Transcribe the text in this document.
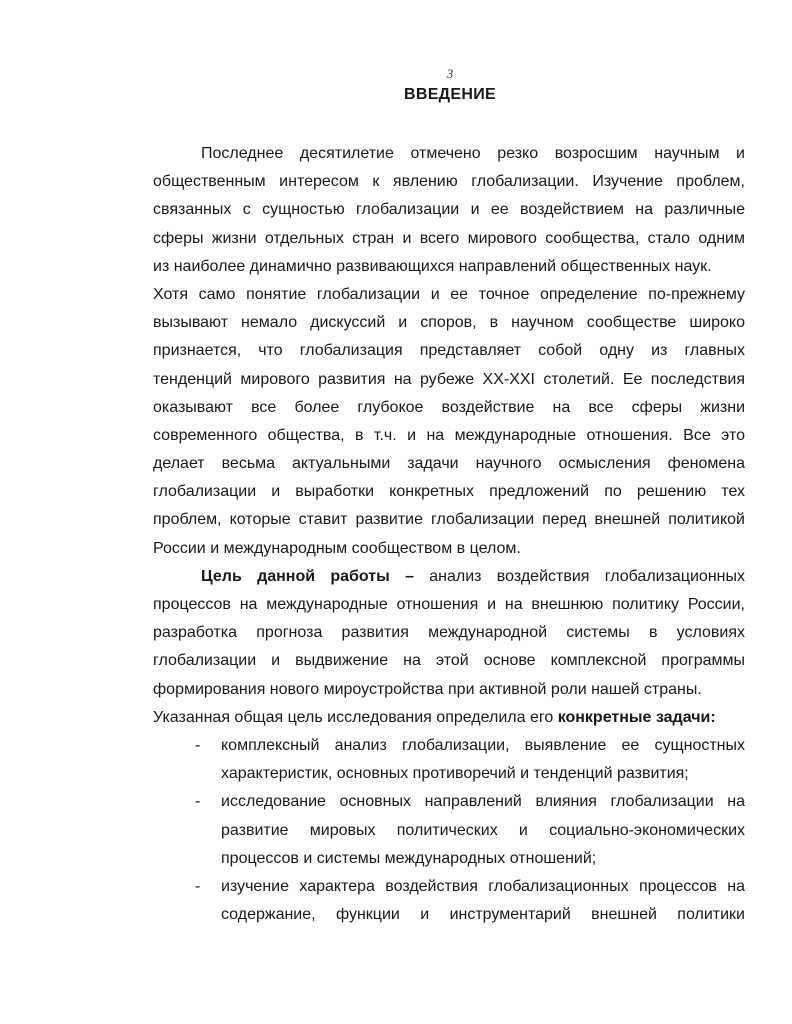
3
ВВЕДЕНИЕ
Последнее десятилетие отмечено резко возросшим научным и
общественным интересом к явлению глобализации. Изучение проблем,
связанных с сущностью глобализации и ее воздействием на различные
сферы жизни отдельных стран и всего мирового сообщества, стало одним
из наиболее динамично развивающихся направлений общественных наук.
Хотя само понятие глобализации и ее точное определение по-прежнему
вызывают немало дискуссий и споров, в научном сообществе широко
признается, что глобализация представляет собой одну из главных
тенденций мирового развития на рубеже XX-XXI столетий. Ее последствия
оказывают все более глубокое воздействие на все сферы жизни
современного общества, в т.ч. и на международные отношения. Все это
делает весьма актуальными задачи научного осмысления феномена
глобализации и выработки конкретных предложений по решению тех
проблем, которые ставит развитие глобализации перед внешней политикой
России и международным сообществом в целом.
Цель данной работы – анализ воздействия глобализационных
процессов на международные отношения и на внешнюю политику России,
разработка прогноза развития международной системы в условиях
глобализации и выдвижение на этой основе комплексной программы
формирования нового мироустройства при активной роли нашей страны.
Указанная общая цель исследования определила его конкретные задачи:
- комплексный анализ глобализации, выявление ее сущностных
характеристик, основных противоречий и тенденций развития;
- исследование основных направлений влияния глобализации на
развитие мировых политических и социально-экономических
процессов и системы международных отношений;
- изучение характера воздействия глобализационных процессов на
содержание, функции и инструментарий внешней политики
